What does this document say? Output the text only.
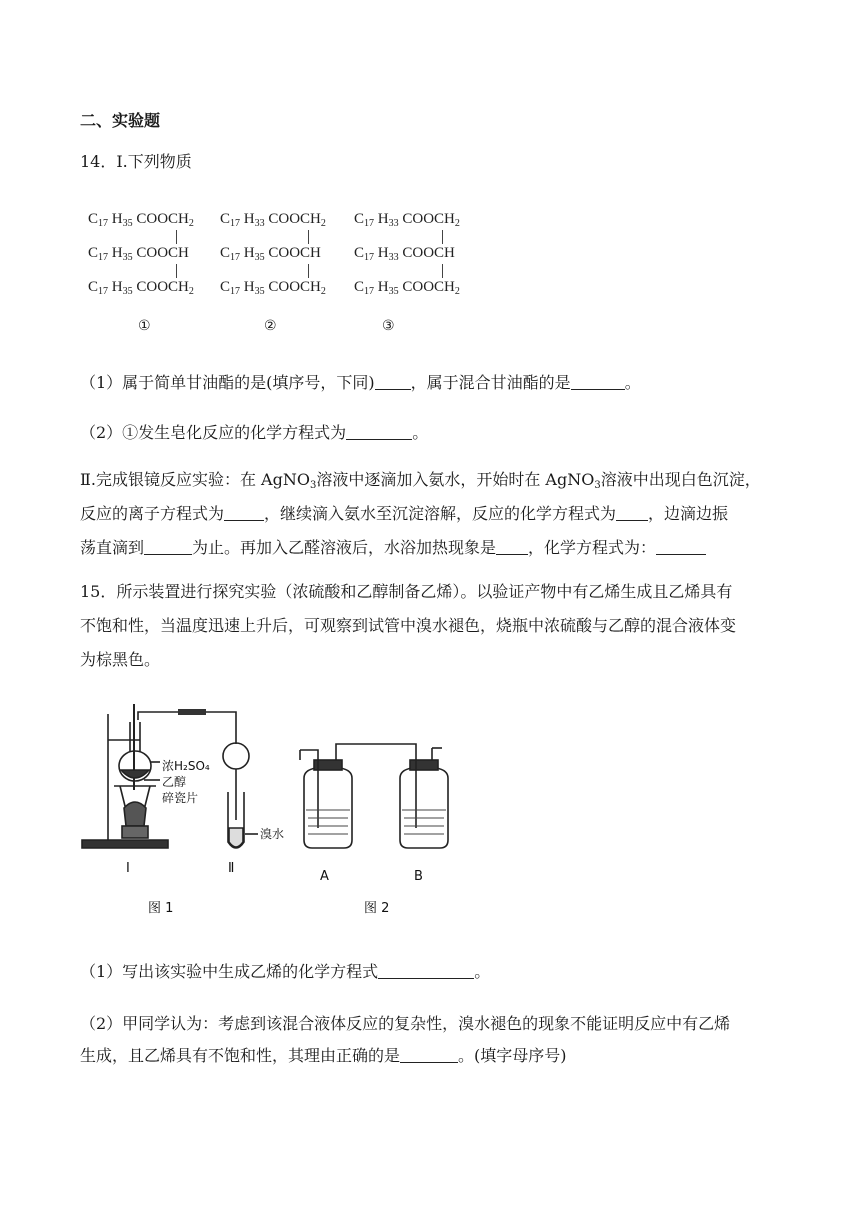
二、实验题
14．Ⅰ.下列物质
$C_{17}$ $H_{35}$ $COOCH_2$
$C_{17}$ $H_{35}$ COOCH
$C_{17}$ $H_{35}$ $COOCH_2$
①
$C_{17}$ $H_{33}$ $COOCH_2$
$C_{17}$ $H_{35}$ COOCH
$C_{17}$ $H_{35}$ $COOCH_2$
②
$C_{17}$ $H_{33}$ $COOCH_2$
$C_{17}$ $H_{33}$ COOCH
$C_{17}$ $H_{35}$ $COOCH_2$
③
（1）属于简单甘油酯的是(填序号，下同) ，属于混合甘油酯的是	。
（2）①发生皂化反应的化学方程式为	。
Ⅱ.完成银镜反应实验：在 AgNO$_3$溶液中逐滴加入氨水，开始时在 AgNO$_3$溶液中出现白色沉淀，
反应的离子方程式为	，继续滴入氨水至沉淀溶解，反应的化学方程式为 ，边滴边振
荡直滴到	为止。再加入乙醛溶液后，水浴加热现象是 ，化学方程式为：
15．所示装置进行探究实验（浓硫酸和乙醇制备乙烯）。以验证产物中有乙烯生成且乙烯具有
不饱和性，当温度迅速上升后，可观察到试管中溴水褪色，烧瓶中浓硫酸与乙醇的混合液体变
为棕黑色。
浓H₂SO₄
乙醇
碎瓷片
溴水
Ⅰ	Ⅱ
A	B
图 1	图 2
（1）写出该实验中生成乙烯的化学方程式	。
（2）甲同学认为：考虑到该混合液体反应的复杂性，溴水褪色的现象不能证明反应中有乙烯
生成，且乙烯具有不饱和性，其理由正确的是	。(填字母序号)
